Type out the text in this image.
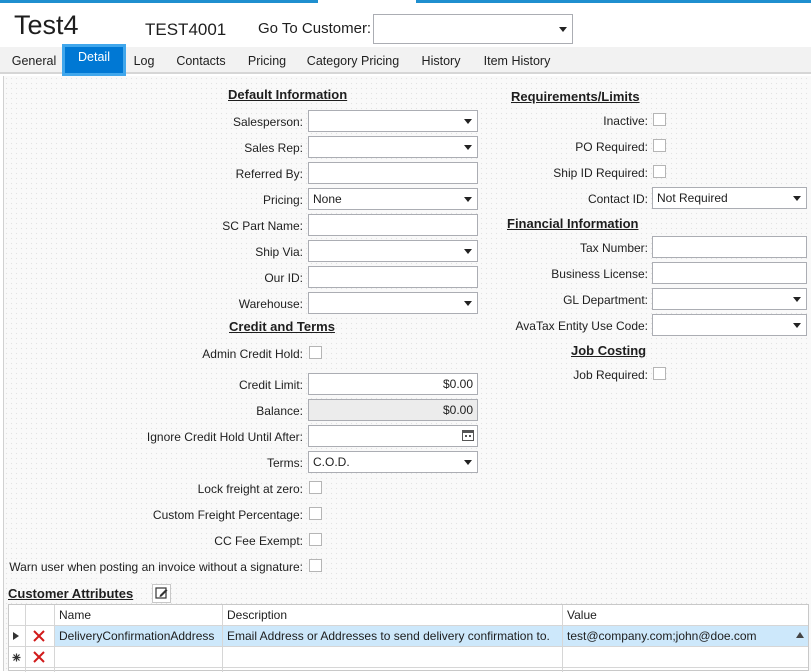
Test4	TEST4001 Go To Customer:
General	Detail	Log	Contacts	Pricing	Category Pricing	History	Item History
Default Information
Salesperson:
Sales Rep:
Referred By:
Pricing: None
SC Part Name:
Ship Via:
Our ID:
Warehouse:
Credit and Terms
Admin Credit Hold:
Credit Limit:	$0.00
Balance:	$0.00
Ignore Credit Hold Until After:
Terms: C.O.D.
Lock freight at zero:
Custom Freight Percentage:
CC Fee Exempt:
Warn user when posting an invoice without a signature:
Requirements/Limits
Inactive:
PO Required:
Ship ID Required:
Contact ID: Not Required
Financial Information
Tax Number:
Business License:
GL Department:
AvaTax Entity Use Code:
Job Costing
Job Required:
Customer Attributes
Name	Description	Value
DeliveryConfirmationAddress	Email Address or Addresses to send delivery confirmation to.	test@company.com;john@doe.com
